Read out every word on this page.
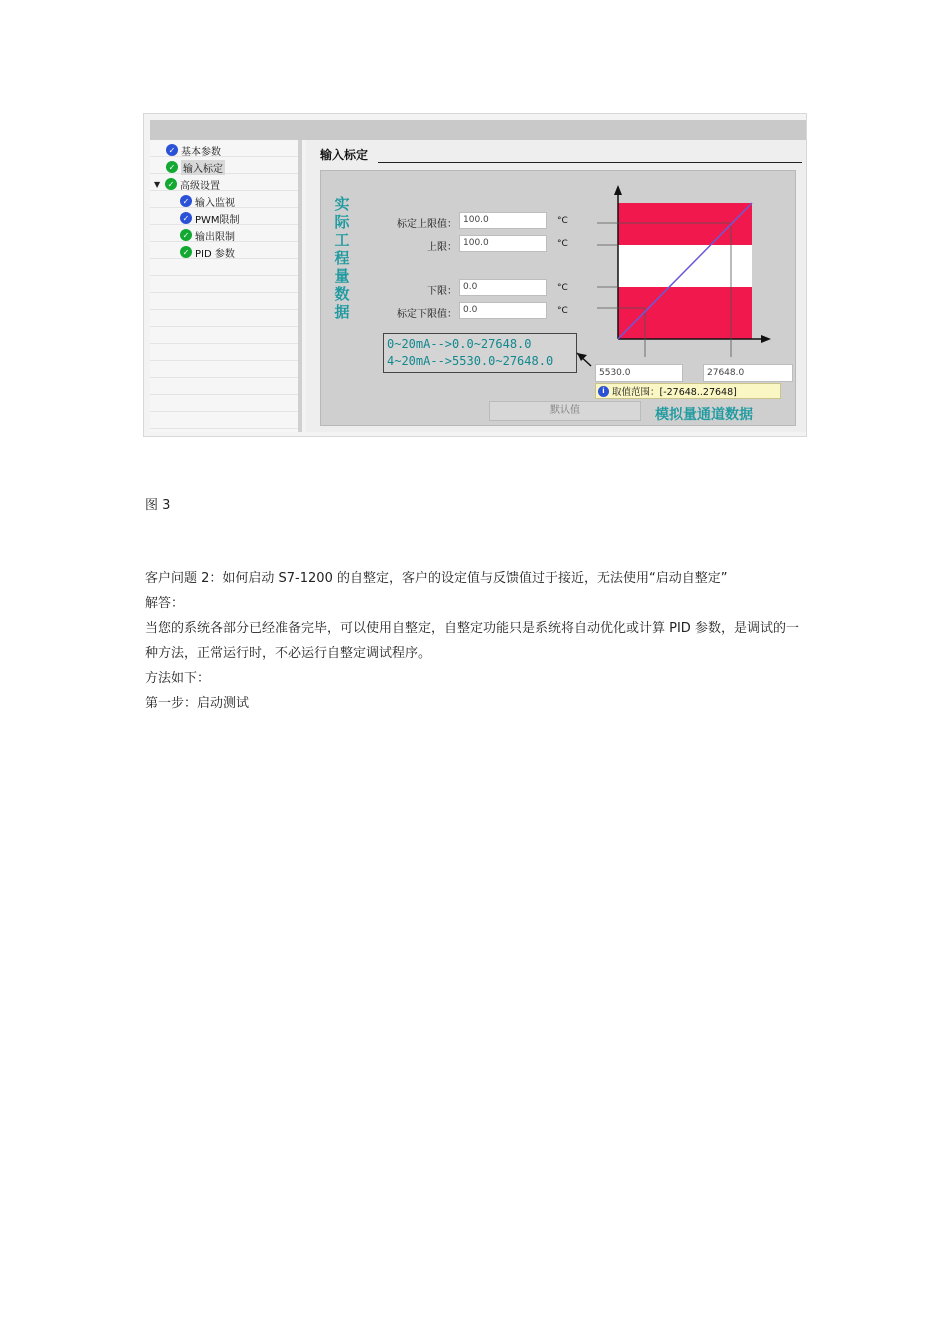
✓ 基本参数
✓ 输入标定
▼ ✓ 高级设置
✓ 输入监视
✓ PWM限制
✓ 输出限制
✓ PID 参数
输入标定
实际工程量数据
标定上限值： 100.0	°C
上限： 100.0	°C
下限： 0.0	°C
标定下限值： 0.0	°C
0~20mA-->0.0~27648.0
4~20mA-->5530.0~27648.0
5530.0	27648.0
i 取值范围：[-27648..27648]
默认值	模拟量通道数据
图 3
客户问题 2：如何启动 S7-1200 的自整定，客户的设定值与反馈值过于接近，无法使用“启动自整定”
解答：
当您的系统各部分已经准备完毕，可以使用自整定，自整定功能只是系统将自动优化或计算 PID 参数，是调试的一种方法，正常运行时，不必运行自整定调试程序。
方法如下：
第一步：启动测试
